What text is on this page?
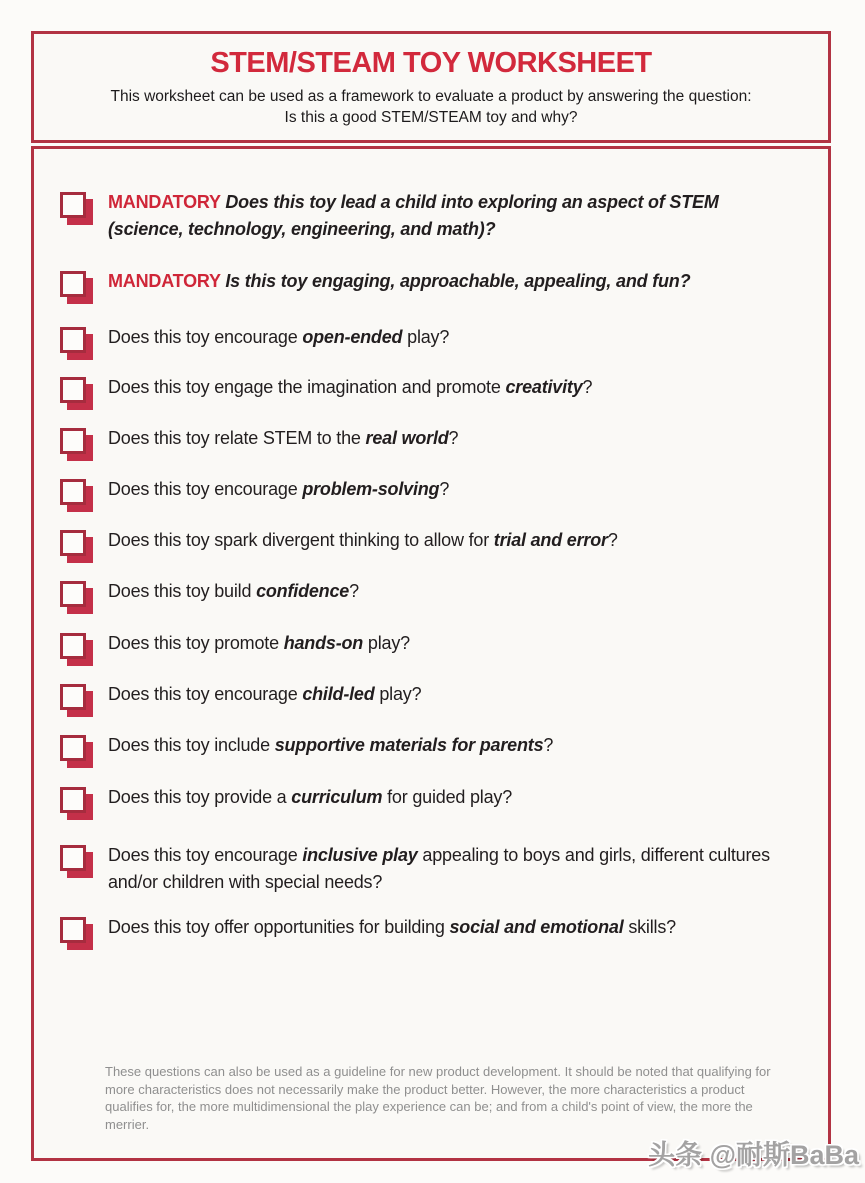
STEM/STEAM TOY WORKSHEET
This worksheet can be used as a framework to evaluate a product by answering the question:
Is this a good STEM/STEAM toy and why?
MANDATORY Does this toy lead a child into exploring an aspect of STEM (science, technology, engineering, and math)?
MANDATORY Is this toy engaging, approachable, appealing, and fun?
Does this toy encourage open-ended play?
Does this toy engage the imagination and promote creativity?
Does this toy relate STEM to the real world?
Does this toy encourage problem-solving?
Does this toy spark divergent thinking to allow for trial and error?
Does this toy build confidence?
Does this toy promote hands-on play?
Does this toy encourage child-led play?
Does this toy include supportive materials for parents?
Does this toy provide a curriculum for guided play?
Does this toy encourage inclusive play appealing to boys and girls, different cultures and/or children with special needs?
Does this toy offer opportunities for building social and emotional skills?
These questions can also be used as a guideline for new product development. It should be noted that qualifying for more characteristics does not necessarily make the product better. However, the more characteristics a product qualifies for, the more multidimensional the play experience can be; and from a child's point of view, the more the merrier.
头条 @耐斯BaBa
